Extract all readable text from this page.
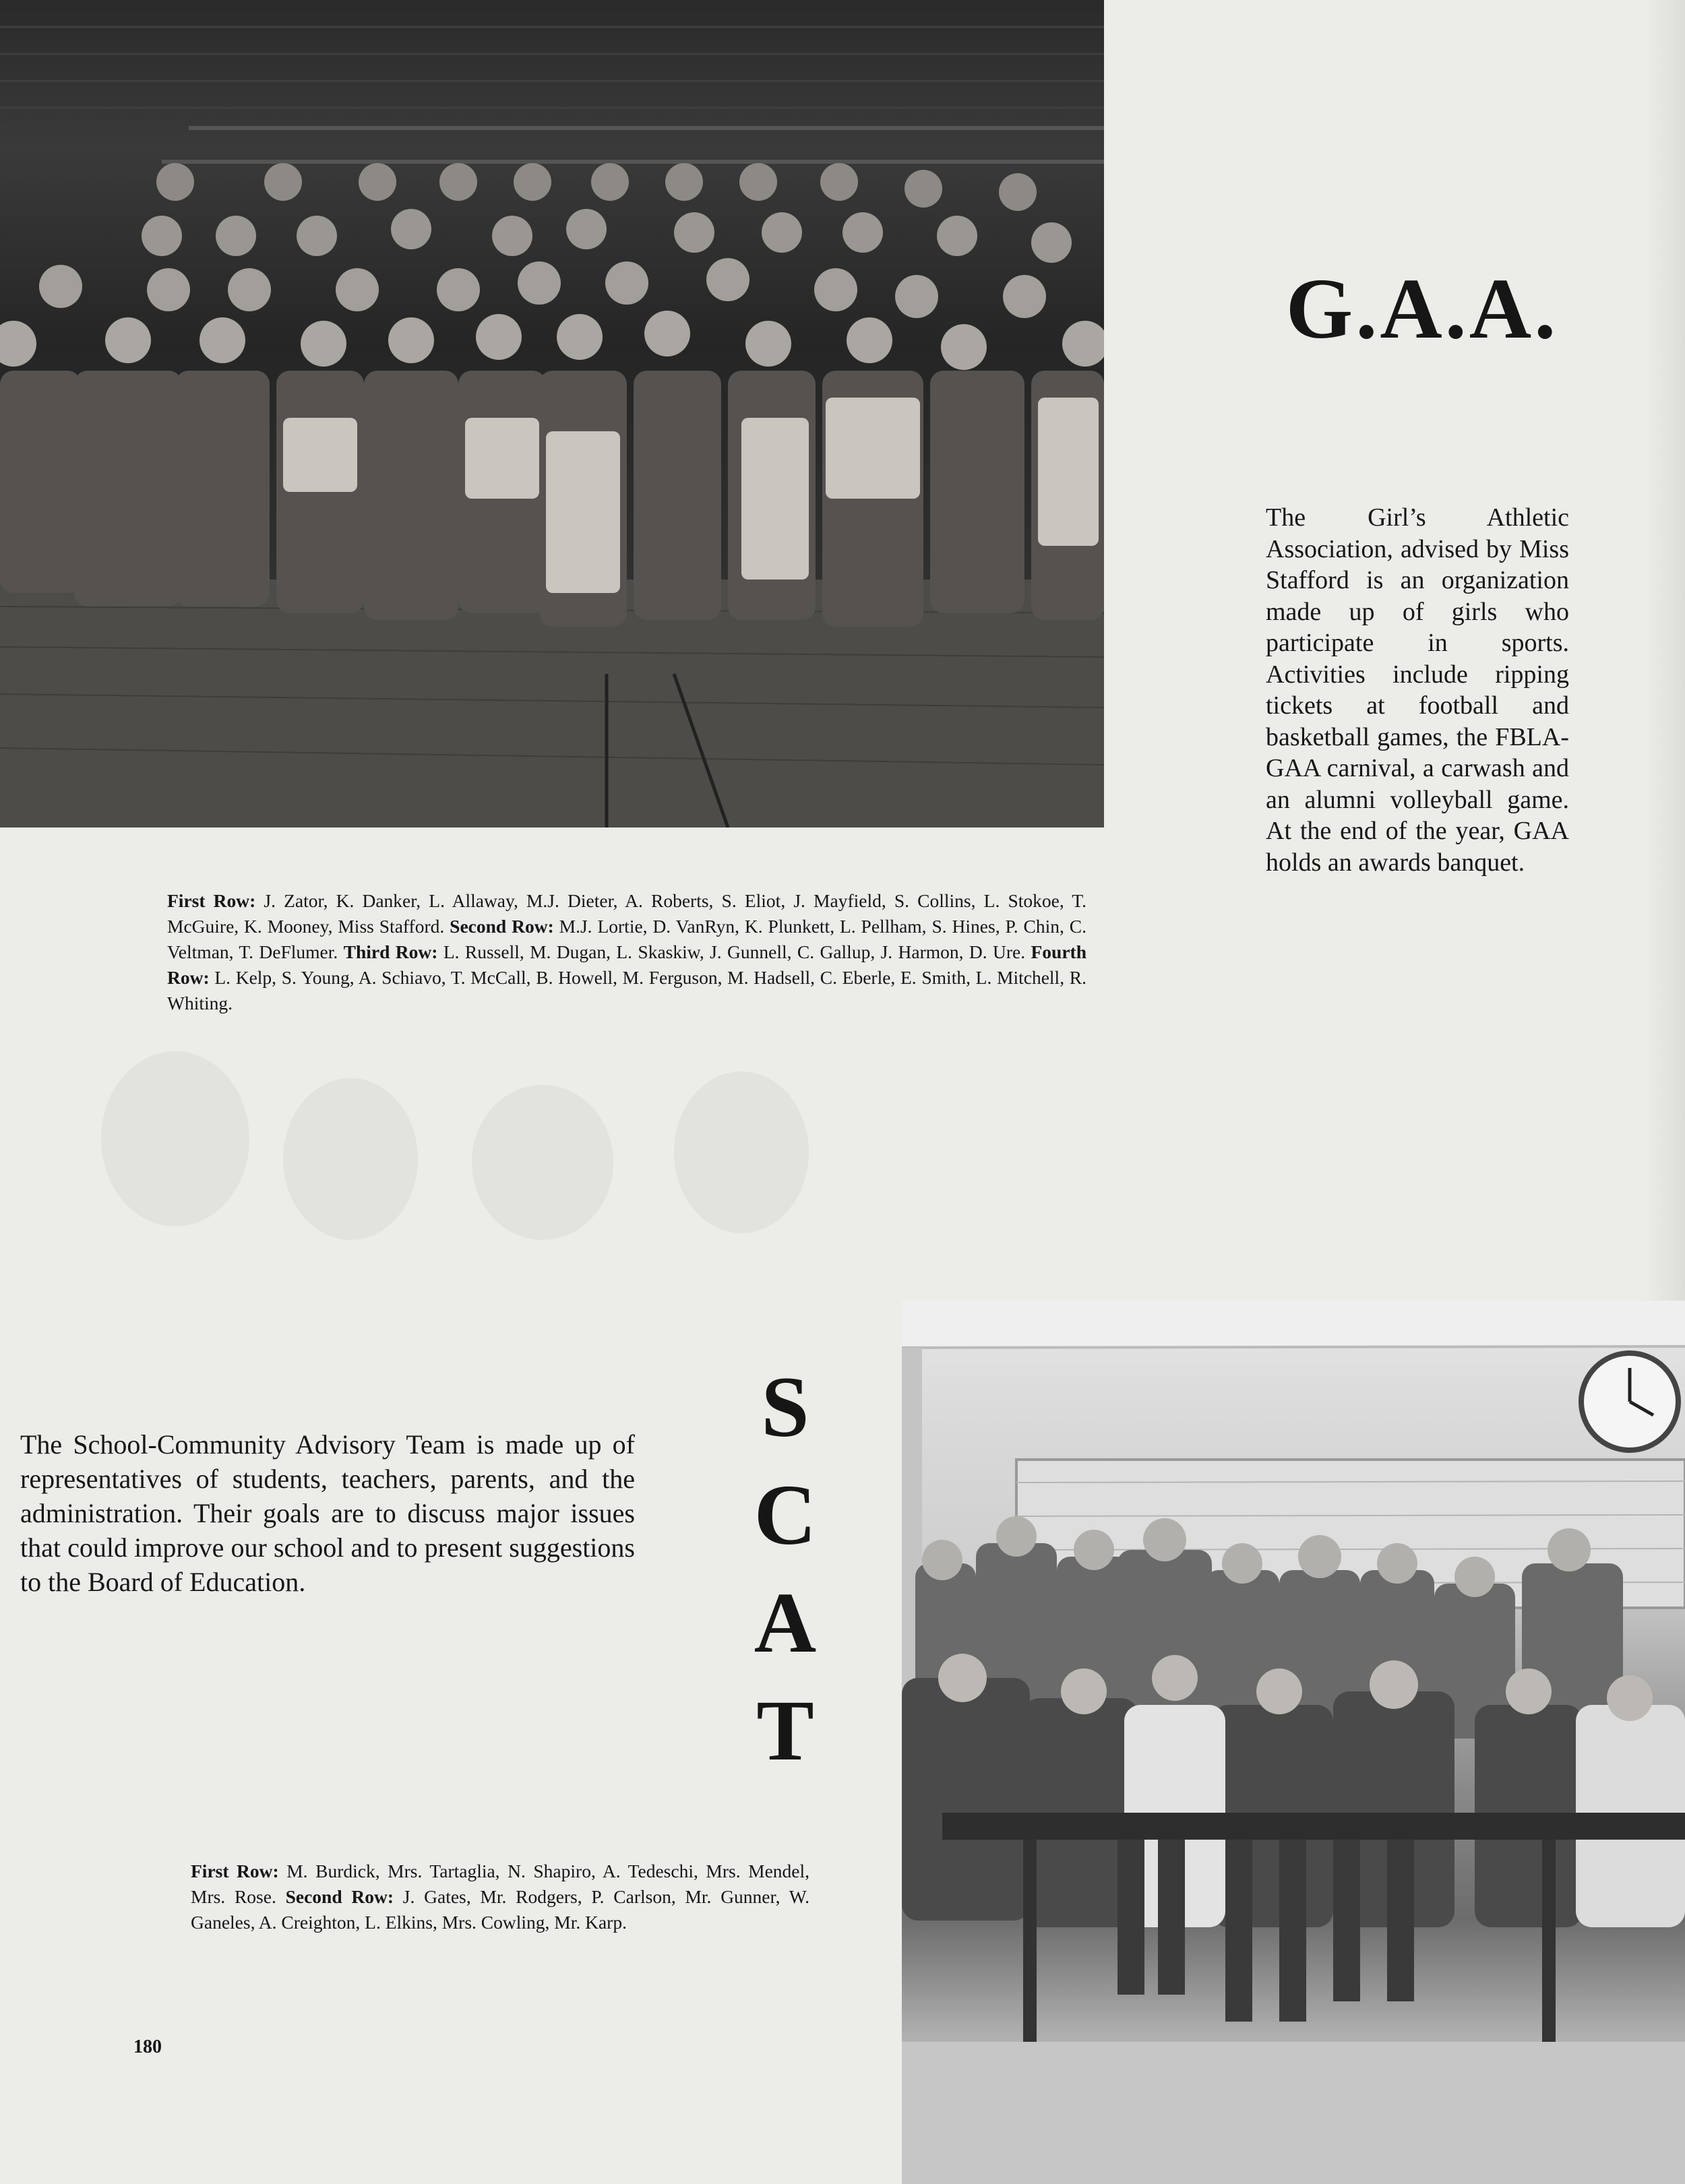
G.A.A.

The Girl’s Athletic Association, advised by Miss Stafford is an organization made up of girls who participate in sports. Activities include ripping tickets at football and basketball games, the FBLA-GAA carnival, a carwash and an alumni volleyball game. At the end of the year, GAA holds an awards banquet.

First Row: J. Zator, K. Danker, L. Allaway, M.J. Dieter, A. Roberts, S. Eliot, J. Mayfield, S. Collins, L. Stokoe, T. McGuire, K. Mooney, Miss Stafford. Second Row: M.J. Lortie, D. VanRyn, K. Plunkett, L. Pellham, S. Hines, P. Chin, C. Veltman, T. DeFlumer. Third Row: L. Russell, M. Dugan, L. Skaskiw, J. Gunnell, C. Gallup, J. Harmon, D. Ure. Fourth Row: L. Kelp, S. Young, A. Schiavo, T. McCall, B. Howell, M. Ferguson, M. Hadsell, C. Eberle, E. Smith, L. Mitchell, R. Whiting.

The School-Community Advisory Team is made up of representatives of students, teachers, parents, and the administration. Their goals are to discuss major issues that could improve our school and to present suggestions to the Board of Education.

S
C
A
T

First Row: M. Burdick, Mrs. Tartaglia, N. Shapiro, A. Tedeschi, Mrs. Mendel, Mrs. Rose. Second Row: J. Gates, Mr. Rodgers, P. Carlson, Mr. Gunner, W. Ganeles, A. Creighton, L. Elkins, Mrs. Cowling, Mr. Karp.

180
